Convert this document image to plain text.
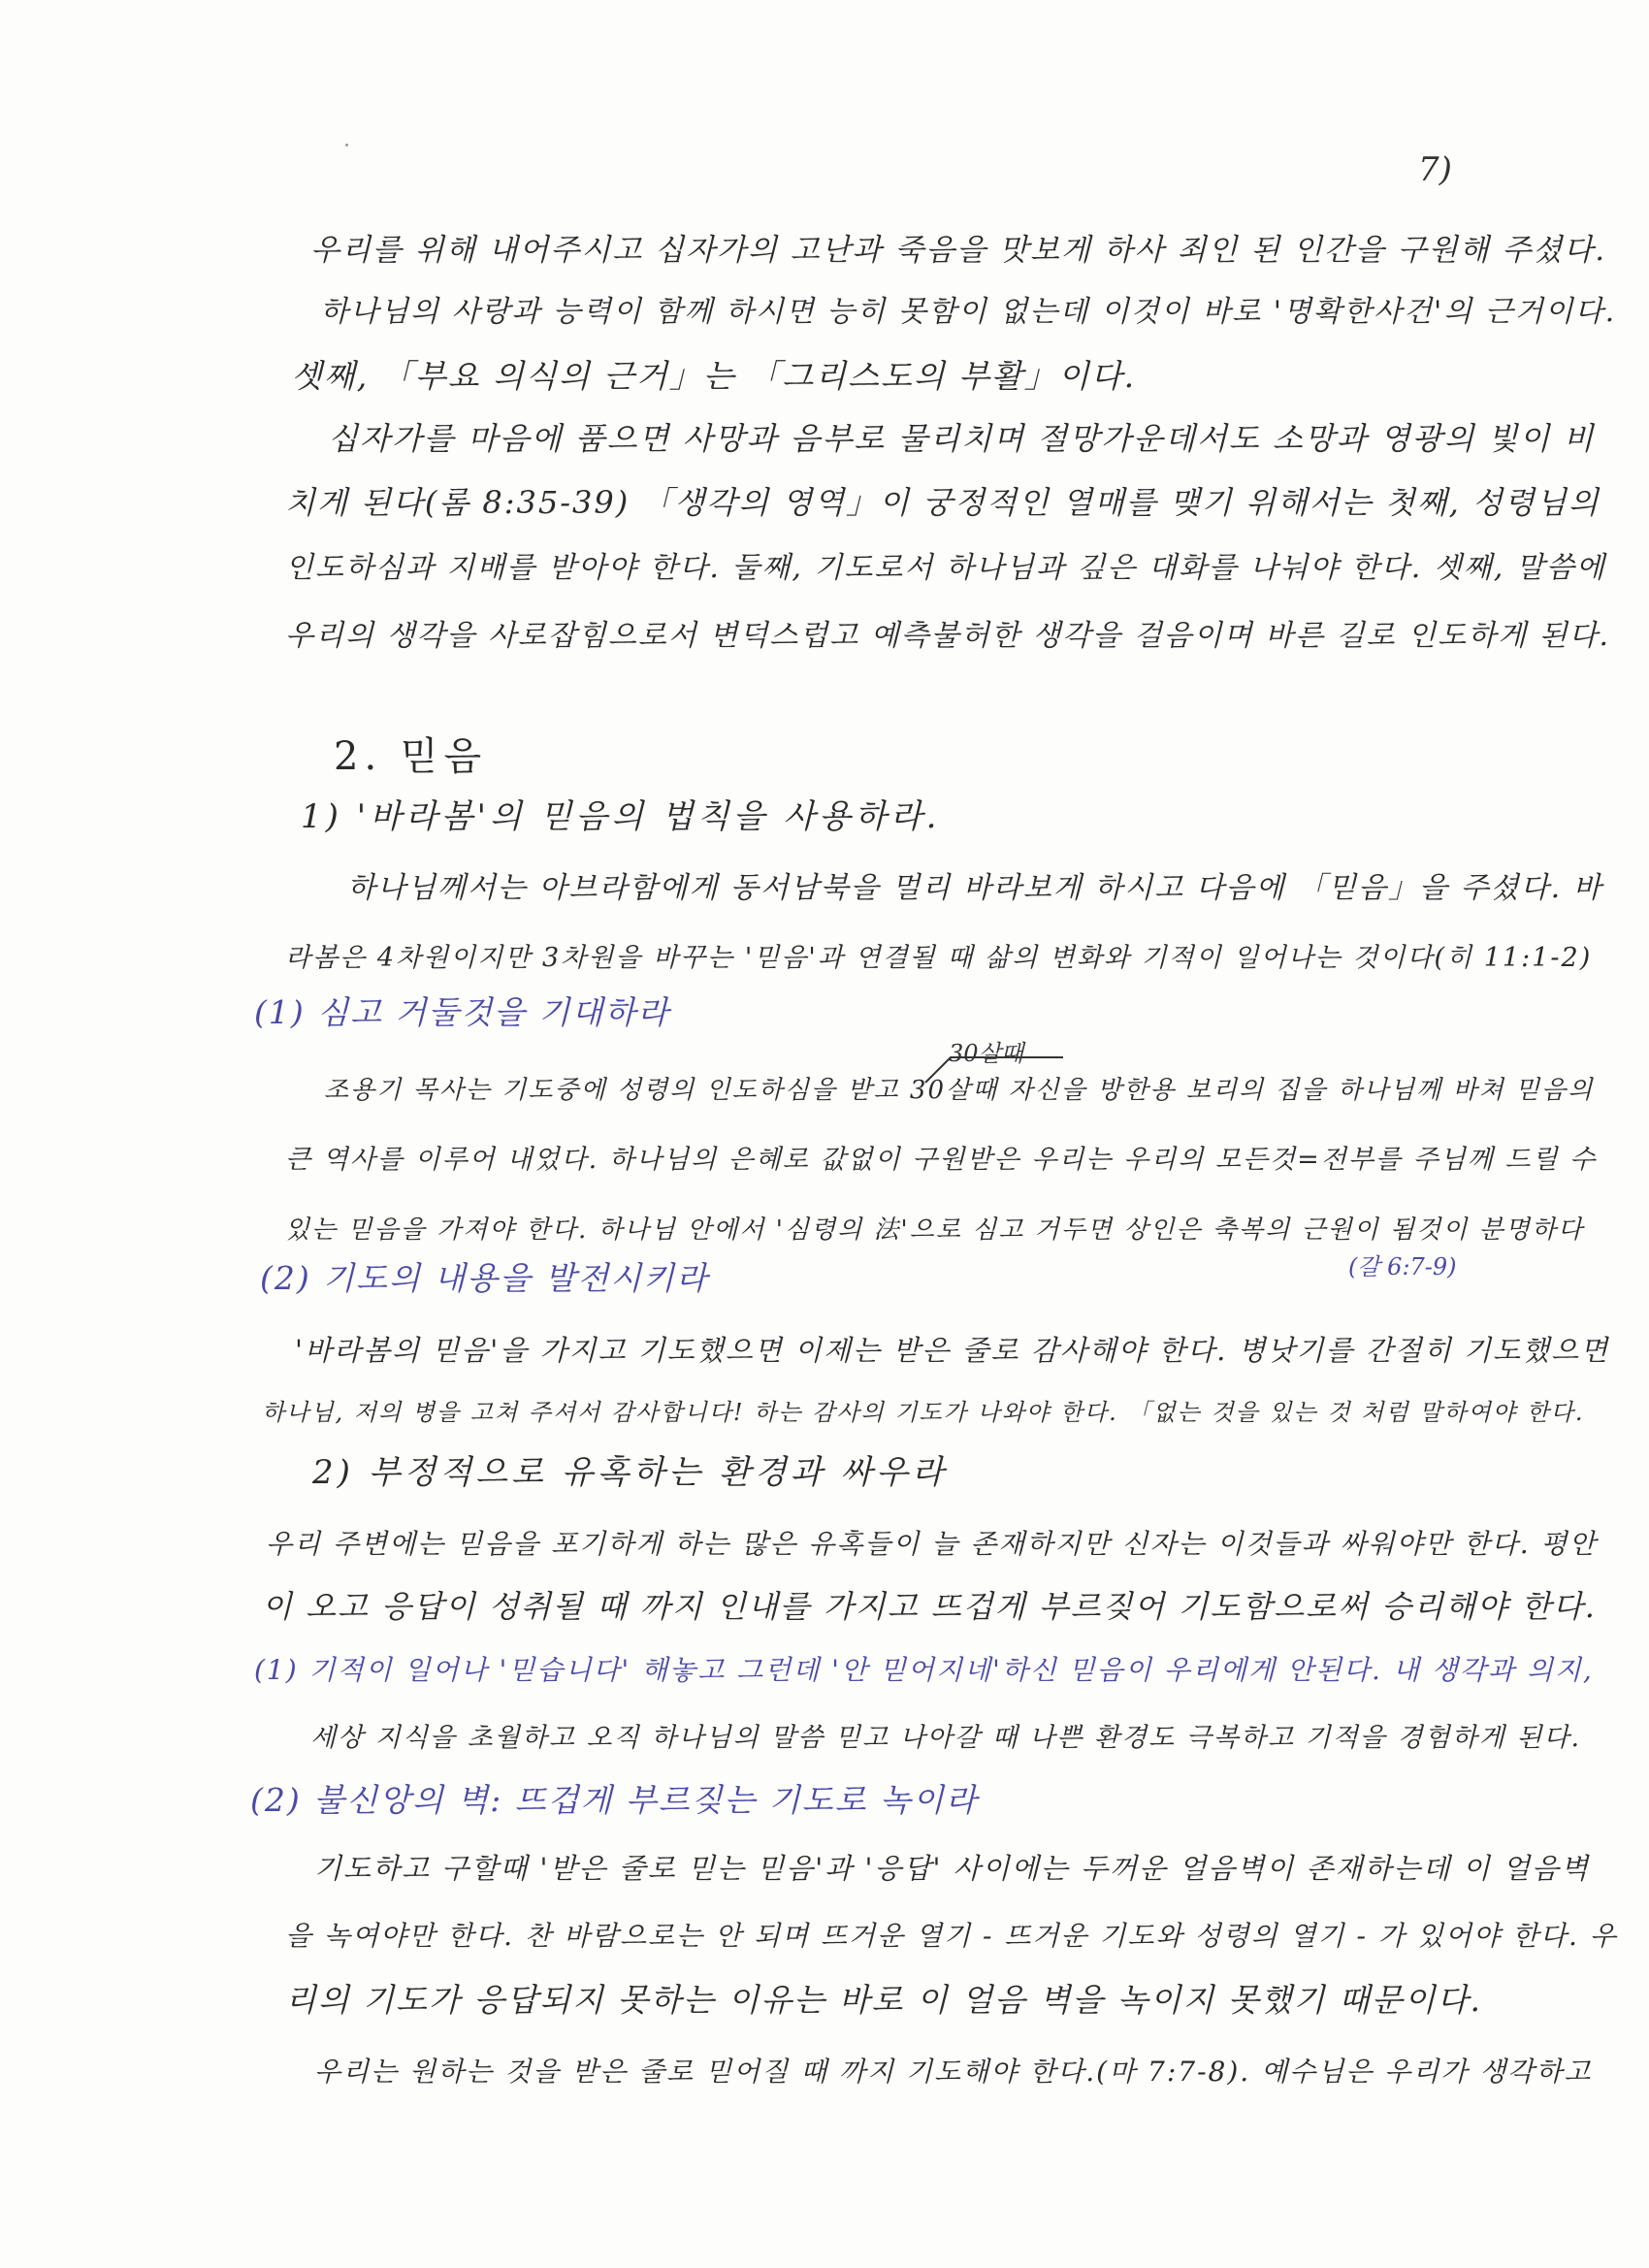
7)
우리를 위해 내어주시고 십자가의 고난과 죽음을 맛보게 하사 죄인 된 인간을 구원해 주셨다.
하나님의 사랑과 능력이 함께 하시면 능히 못함이 없는데 이것이 바로 '명확한사건'의 근거이다.
셋째, 「부요 의식의 근거」는 「그리스도의 부활」이다.
십자가를 마음에 품으면 사망과 음부로 물리치며 절망가운데서도 소망과 영광의 빛이 비
치게 된다(롬 8:35-39) 「생각의 영역」이 궁정적인 열매를 맺기 위해서는 첫째, 성령님의
인도하심과 지배를 받아야 한다. 둘째, 기도로서 하나님과 깊은 대화를 나눠야 한다. 셋째, 말씀에
우리의 생각을 사로잡힘으로서 변덕스럽고 예측불허한 생각을 걸음이며 바른 길로 인도하게 된다.
2. 믿음
1) '바라봄'의 믿음의 법칙을 사용하라.
하나님께서는 아브라함에게 동서남북을 멀리 바라보게 하시고 다음에 「믿음」을 주셨다. 바
라봄은 4차원이지만 3차원을 바꾸는 '믿음'과 연결될 때 삶의 변화와 기적이 일어나는 것이다(히 11:1-2)
(1) 심고 거둘것을 기대하라
30살때
조용기 목사는 기도중에 성령의 인도하심을 받고 30살때 자신을 방한용 보리의 집을 하나님께 바쳐 믿음의
큰 역사를 이루어 내었다. 하나님의 은혜로 값없이 구원받은 우리는 우리의 모든것=전부를 주님께 드릴 수
있는 믿음을 가져야 한다. 하나님 안에서 '심령의 法'으로 심고 거두면 상인은 축복의 근원이 됨것이 분명하다
(갈 6:7-9)
(2) 기도의 내용을 발전시키라
'바라봄의 믿음'을 가지고 기도했으면 이제는 받은 줄로 감사해야 한다. 병낫기를 간절히 기도했으면
하나님, 저의 병을 고쳐 주셔서 감사합니다! 하는 감사의 기도가 나와야 한다. 「없는 것을 있는 것 처럼 말하여야 한다.
2) 부정적으로 유혹하는 환경과 싸우라
우리 주변에는 믿음을 포기하게 하는 많은 유혹들이 늘 존재하지만 신자는 이것들과 싸워야만 한다. 평안
이 오고 응답이 성취될 때 까지 인내를 가지고 뜨겁게 부르짖어 기도함으로써 승리해야 한다.
(1) 기적이 일어나 '믿습니다' 해놓고 그런데 '안 믿어지네'하신 믿음이 우리에게 안된다. 내 생각과 의지,
세상 지식을 초월하고 오직 하나님의 말씀 믿고 나아갈 때 나쁜 환경도 극복하고 기적을 경험하게 된다.
(2) 불신앙의 벽: 뜨겁게 부르짖는 기도로 녹이라
기도하고 구할때 '받은 줄로 믿는 믿음'과 '응답' 사이에는 두꺼운 얼음벽이 존재하는데 이 얼음벽
을 녹여야만 한다. 찬 바람으로는 안 되며 뜨거운 열기 - 뜨거운 기도와 성령의 열기 - 가 있어야 한다. 우
리의 기도가 응답되지 못하는 이유는 바로 이 얼음 벽을 녹이지 못했기 때문이다.
우리는 원하는 것을 받은 줄로 믿어질 때 까지 기도해야 한다.(마 7:7-8). 예수님은 우리가 생각하고
